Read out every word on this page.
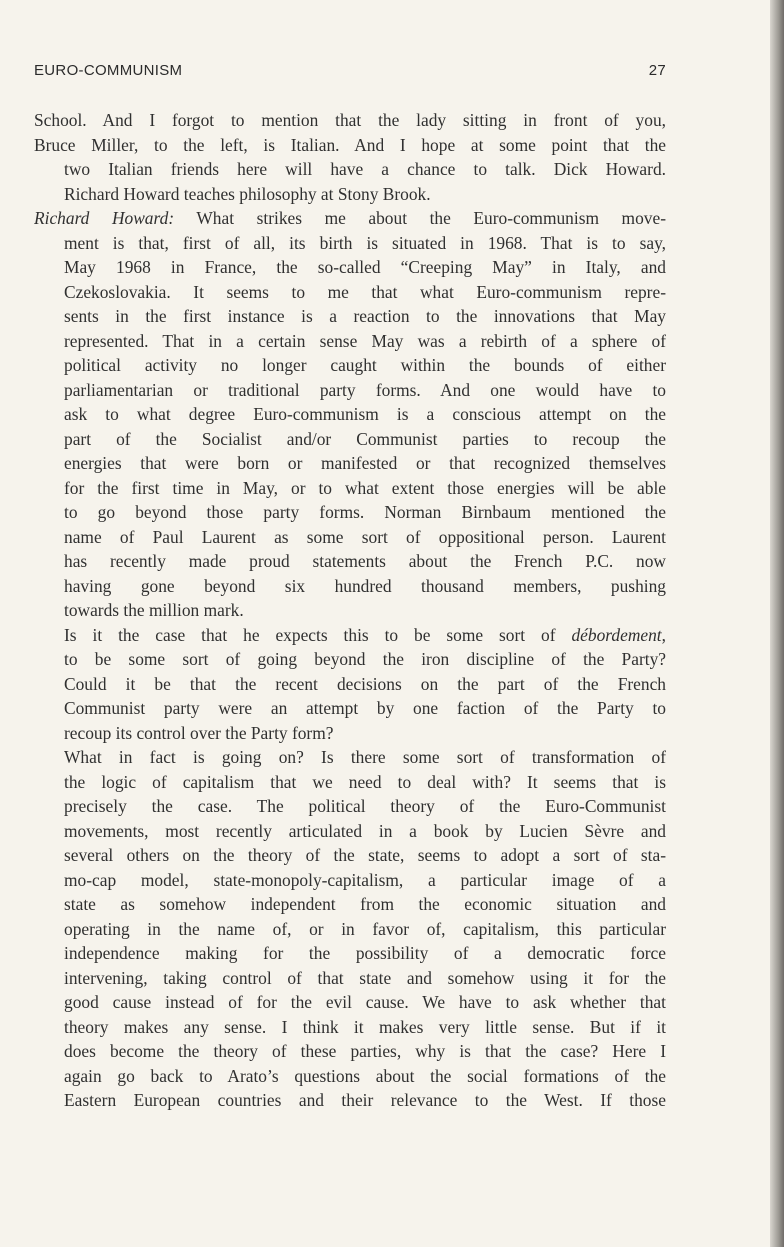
EURO-COMMUNISM	27
School. And I forgot to mention that the lady sitting in front of you,
Bruce Miller, to the left, is Italian. And I hope at some point that the
two Italian friends here will have a chance to talk. Dick Howard.
Richard Howard teaches philosophy at Stony Brook.
Richard Howard: What strikes me about the Euro-communism move-
ment is that, first of all, its birth is situated in 1968. That is to say,
May 1968 in France, the so-called “Creeping May” in Italy, and
Czekoslovakia. It seems to me that what Euro-communism repre-
sents in the first instance is a reaction to the innovations that May
represented. That in a certain sense May was a rebirth of a sphere of
political activity no longer caught within the bounds of either
parliamentarian or traditional party forms. And one would have to
ask to what degree Euro-communism is a conscious attempt on the
part of the Socialist and/or Communist parties to recoup the
energies that were born or manifested or that recognized themselves
for the first time in May, or to what extent those energies will be able
to go beyond those party forms. Norman Birnbaum mentioned the
name of Paul Laurent as some sort of oppositional person. Laurent
has recently made proud statements about the French P.C. now
having gone beyond six hundred thousand members, pushing
towards the million mark.
Is it the case that he expects this to be some sort of débordement,
to be some sort of going beyond the iron discipline of the Party?
Could it be that the recent decisions on the part of the French
Communist party were an attempt by one faction of the Party to
recoup its control over the Party form?
What in fact is going on? Is there some sort of transformation of
the logic of capitalism that we need to deal with? It seems that is
precisely the case. The political theory of the Euro-Communist
movements, most recently articulated in a book by Lucien Sèvre and
several others on the theory of the state, seems to adopt a sort of sta-
mo-cap model, state-monopoly-capitalism, a particular image of a
state as somehow independent from the economic situation and
operating in the name of, or in favor of, capitalism, this particular
independence making for the possibility of a democratic force
intervening, taking control of that state and somehow using it for the
good cause instead of for the evil cause. We have to ask whether that
theory makes any sense. I think it makes very little sense. But if it
does become the theory of these parties, why is that the case? Here I
again go back to Arato’s questions about the social formations of the
Eastern European countries and their relevance to the West. If those
